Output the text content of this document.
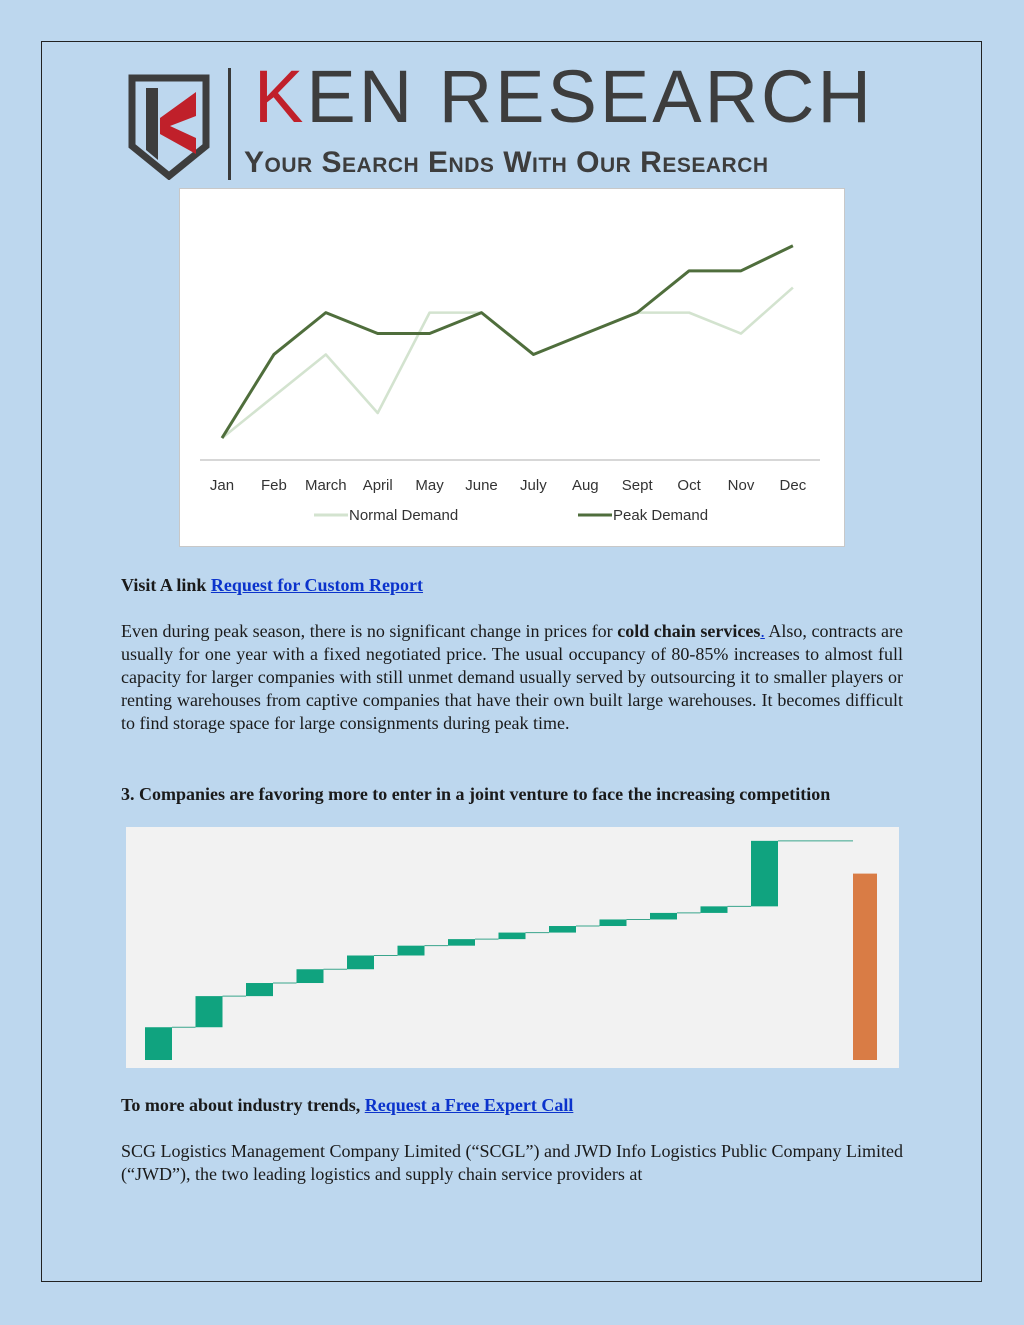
KEN RESEARCH
Your Search Ends With Our Research
Jan Feb March April May June July Aug Sept Oct Nov Dec
Normal Demand	Peak Demand
Visit A link Request for Custom Report
Even during peak season, there is no significant change in prices for cold chain services. Also, contracts are usually for one year with a fixed negotiated price. The usual occupancy of 80-85% increases to almost full capacity for larger companies with still unmet demand usually served by outsourcing it to smaller players or renting warehouses from captive companies that have their own built large warehouses. It becomes difficult to find storage space for large consignments during peak time.
3. Companies are favoring more to enter in a joint venture to face the increasing competition
To more about industry trends, Request a Free Expert Call
SCG Logistics Management Company Limited (“SCGL”) and JWD Info Logistics Public Company Limited (“JWD”), the two leading logistics and supply chain service providers at
